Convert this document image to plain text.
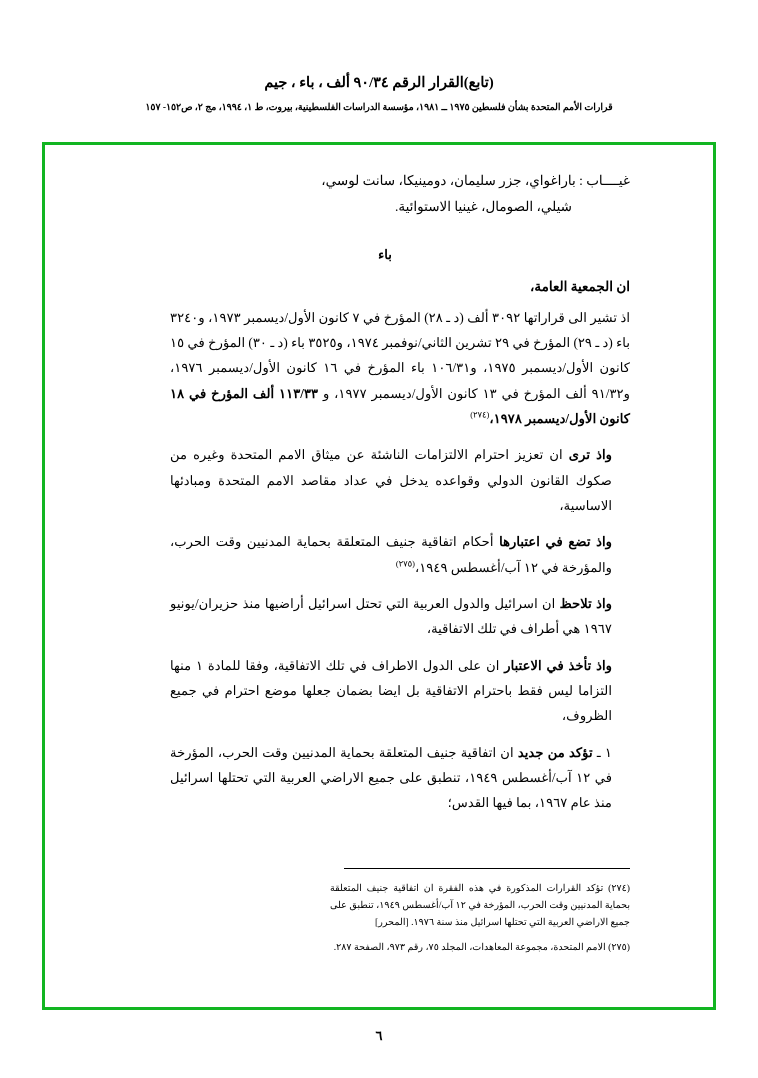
(تابع)القرار الرقم ٩٠/٣٤ ألف ، باء ، جيم
قرارات الأمم المتحدة بشأن فلسطين ١٩٧٥ ــ ١٩٨١، مؤسسة الدراسات الفلسطينية، بيروت، ط ١، ١٩٩٤، مج ٢، ص١٥٢- ١٥٧
غيــــاب : باراغواي، جزر سليمان، دومينيكا، سانت لوسي،
شيلي، الصومال، غينيا الاستوائية.
باء
ان الجمعية العامة،

اذ تشير الى قراراتها ٣٠٩٢ ألف (د ـ ٢٨) المؤرخ في ٧ كانون الأول/ديسمبر ١٩٧٣، و٣٢٤٠ باء (د ـ ٢٩) المؤرخ في ٢٩ تشرين الثاني/نوفمبر ١٩٧٤، و٣٥٢٥ باء (د ـ ٣٠) المؤرخ في ١٥ كانون الأول/ديسمبر ١٩٧٥، و١٠٦/٣١ باء المؤرخ في ١٦ كانون الأول/ديسمبر ١٩٧٦، و٩١/٣٢ ألف المؤرخ في ١٣ كانون الأول/ديسمبر ١٩٧٧، و ١١٣/٣٣ ألف المؤرخ في ١٨ كانون الأول/ديسمبر ١٩٧٨،$^{(٢٧٤)}$

واذ ترى ان تعزيز احترام الالتزامات الناشئة عن ميثاق الامم المتحدة وغيره من صكوك القانون الدولي وقواعده يدخل في عداد مقاصد الامم المتحدة ومبادئها الاساسية،

واذ تضع في اعتبارها أحكام اتفاقية جنيف المتعلقة بحماية المدنيين وقت الحرب، والمؤرخة في ١٢ آب/أغسطس ١٩٤٩،$^{(٢٧٥)}$

واذ تلاحظ ان اسرائيل والدول العربية التي تحتل اسرائيل أراضيها منذ حزيران/يونيو ١٩٦٧ هي أطراف في تلك الاتفاقية،

واذ تأخذ في الاعتبار ان على الدول الاطراف في تلك الاتفاقية، وفقا للمادة ١ منها التزاما ليس فقط باحترام الاتفاقية بل ايضا بضمان جعلها موضع احترام في جميع الظروف،

١ ـ تؤكد من جديد ان اتفاقية جنيف المتعلقة بحماية المدنيين وقت الحرب، المؤرخة في ١٢ آب/أغسطس ١٩٤٩، تنطبق على جميع الاراضي العربية التي تحتلها اسرائيل منذ عام ١٩٦٧، بما فيها القدس؛

(٢٧٤) تؤكد القرارات المذكورة في هذه الفقرة ان اتفاقية جنيف المتعلقة بحماية المدنيين وقت الحرب، المؤرخة في ١٢ آب/أغسطس ١٩٤٩، تنطبق على جميع الاراضي العربية التي تحتلها اسرائيل منذ سنة ١٩٧٦. [المحرر]

(٢٧٥) الامم المتحدة، مجموعة المعاهدات، المجلد ٧٥، رقم ٩٧٣، الصفحة ٢٨٧.

٦
